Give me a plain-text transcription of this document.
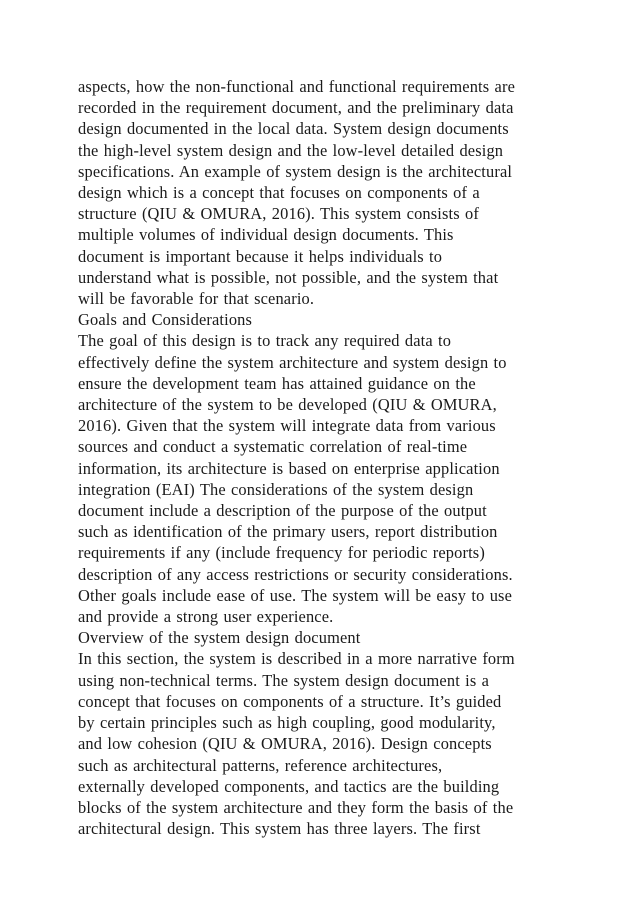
aspects, how the non-functional and functional requirements are
recorded in the requirement document, and the preliminary data
design documented in the local data. System design documents
the high-level system design and the low-level detailed design
specifications. An example of system design is the architectural
design which is a concept that focuses on components of a
structure (QIU & OMURA, 2016). This system consists of
multiple volumes of individual design documents. This
document is important because it helps individuals to
understand what is possible, not possible, and the system that
will be favorable for that scenario.
Goals and Considerations
The goal of this design is to track any required data to
effectively define the system architecture and system design to
ensure the development team has attained guidance on the
architecture of the system to be developed (QIU & OMURA,
2016). Given that the system will integrate data from various
sources and conduct a systematic correlation of real-time
information, its architecture is based on enterprise application
integration (EAI) The considerations of the system design
document include a description of the purpose of the output
such as identification of the primary users, report distribution
requirements if any (include frequency for periodic reports)
description of any access restrictions or security considerations.
Other goals include ease of use. The system will be easy to use
and provide a strong user experience.
Overview of the system design document
In this section, the system is described in a more narrative form
using non-technical terms. The system design document is a
concept that focuses on components of a structure. It’s guided
by certain principles such as high coupling, good modularity,
and low cohesion (QIU & OMURA, 2016). Design concepts
such as architectural patterns, reference architectures,
externally developed components, and tactics are the building
blocks of the system architecture and they form the basis of the
architectural design. This system has three layers. The first
